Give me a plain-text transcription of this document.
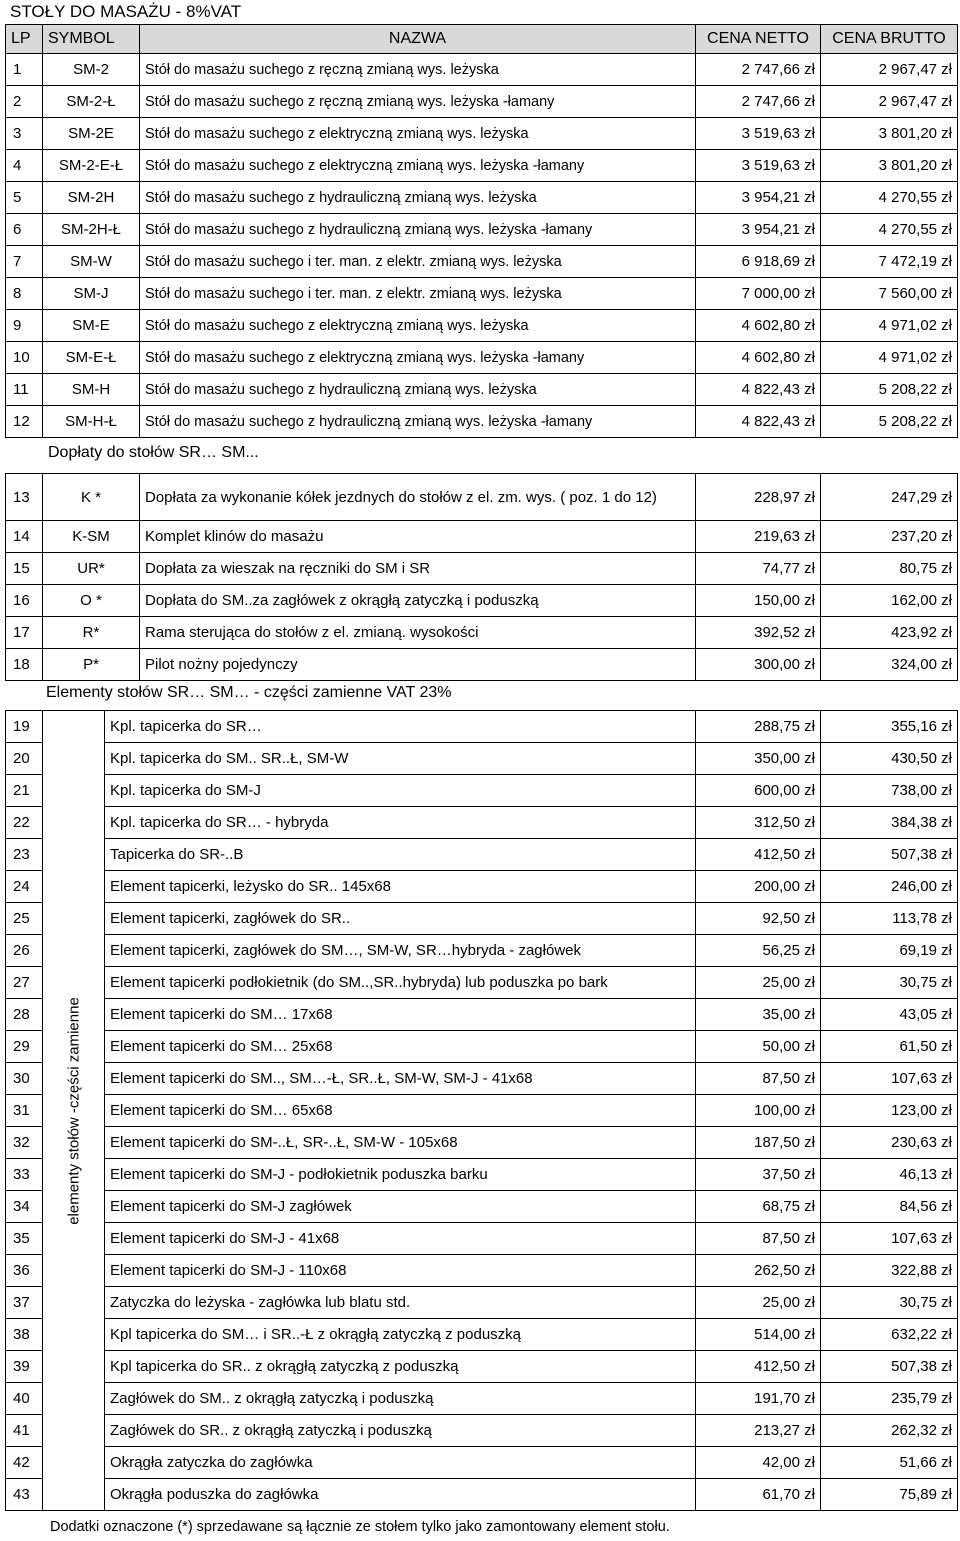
STOŁY DO MASAŻU - 8%VAT
LP	SYMBOL	NAZWA	CENA NETTO	CENA BRUTTO
1	SM-2	Stół do masażu suchego z ręczną zmianą wys. leżyska	2 747,66 zł	2 967,47 zł
2	SM-2-Ł	Stół do masażu suchego z ręczną zmianą wys. leżyska -łamany	2 747,66 zł	2 967,47 zł
3	SM-2E	Stół do masażu suchego z elektryczną zmianą wys. leżyska	3 519,63 zł	3 801,20 zł
4	SM-2-E-Ł	Stół do masażu suchego z elektryczną zmianą wys. leżyska -łamany	3 519,63 zł	3 801,20 zł
5	SM-2H	Stół do masażu suchego z hydrauliczną zmianą wys. leżyska	3 954,21 zł	4 270,55 zł
6	SM-2H-Ł	Stół do masażu suchego z hydrauliczną zmianą wys. leżyska -łamany	3 954,21 zł	4 270,55 zł
7	SM-W	Stół do masażu suchego i ter. man. z elektr. zmianą wys. leżyska	6 918,69 zł	7 472,19 zł
8	SM-J	Stół do masażu suchego i ter. man. z elektr. zmianą wys. leżyska	7 000,00 zł	7 560,00 zł
9	SM-E	Stół do masażu suchego z elektryczną zmianą wys. leżyska	4 602,80 zł	4 971,02 zł
10	SM-E-Ł	Stół do masażu suchego z elektryczną zmianą wys. leżyska -łamany	4 602,80 zł	4 971,02 zł
11	SM-H	Stół do masażu suchego z hydrauliczną zmianą wys. leżyska	4 822,43 zł	5 208,22 zł
12	SM-H-Ł	Stół do masażu suchego z hydrauliczną zmianą wys. leżyska -łamany	4 822,43 zł	5 208,22 zł
Dopłaty do stołów SR… SM...
13	K *	Dopłata za wykonanie kółek jezdnych do stołów z el. zm. wys. ( poz. 1 do 12)	228,97 zł	247,29 zł
14	K-SM	Komplet klinów do masażu	219,63 zł	237,20 zł
15	UR*	Dopłata za wieszak na ręczniki do SM i SR	74,77 zł	80,75 zł
16	O *	Dopłata do SM..za zagłówek z okrągłą zatyczką i poduszką	150,00 zł	162,00 zł
17	R*	Rama sterująca do stołów z el. zmianą. wysokości	392,52 zł	423,92 zł
18	P*	Pilot nożny pojedynczy	300,00 zł	324,00 zł
Elementy stołów SR… SM… - części zamienne VAT 23%
19	elementy stołów -części zamienne	Kpl. tapicerka do SR…	288,75 zł	355,16 zł
20		Kpl. tapicerka do SM.. SR..Ł, SM-W	350,00 zł	430,50 zł
21		Kpl. tapicerka do SM-J	600,00 zł	738,00 zł
22		Kpl. tapicerka do SR… - hybryda	312,50 zł	384,38 zł
23		Tapicerka do SR-..B	412,50 zł	507,38 zł
24		Element tapicerki, leżysko do SR.. 145x68	200,00 zł	246,00 zł
25		Element tapicerki, zagłówek do SR..	92,50 zł	113,78 zł
26		Element tapicerki, zagłówek do SM…, SM-W, SR…hybryda - zagłówek	56,25 zł	69,19 zł
27		Element tapicerki podłokietnik (do SM..,SR..hybryda) lub poduszka po bark	25,00 zł	30,75 zł
28		Element tapicerki do SM… 17x68	35,00 zł	43,05 zł
29		Element tapicerki do SM… 25x68	50,00 zł	61,50 zł
30		Element tapicerki do SM.., SM…-Ł, SR..Ł, SM-W, SM-J - 41x68	87,50 zł	107,63 zł
31		Element tapicerki do SM… 65x68	100,00 zł	123,00 zł
32		Element tapicerki do SM-..Ł, SR-..Ł, SM-W - 105x68	187,50 zł	230,63 zł
33		Element tapicerki do SM-J - podłokietnik poduszka barku	37,50 zł	46,13 zł
34		Element tapicerki do SM-J zagłówek	68,75 zł	84,56 zł
35		Element tapicerki do SM-J - 41x68	87,50 zł	107,63 zł
36		Element tapicerki do SM-J - 110x68	262,50 zł	322,88 zł
37		Zatyczka do leżyska - zagłówka lub blatu std.	25,00 zł	30,75 zł
38		Kpl tapicerka do SM… i SR..-Ł z okrągłą zatyczką z poduszką	514,00 zł	632,22 zł
39		Kpl tapicerka do SR.. z okrągłą zatyczką z poduszką	412,50 zł	507,38 zł
40		Zagłówek do SM.. z okrągłą zatyczką i poduszką	191,70 zł	235,79 zł
41		Zagłówek do SR.. z okrągłą zatyczką i poduszką	213,27 zł	262,32 zł
42		Okrągła zatyczka do zagłówka	42,00 zł	51,66 zł
43		Okrągła poduszka do zagłówka	61,70 zł	75,89 zł
Dodatki oznaczone (*) sprzedawane są łącznie ze stołem tylko jako zamontowany element stołu.
